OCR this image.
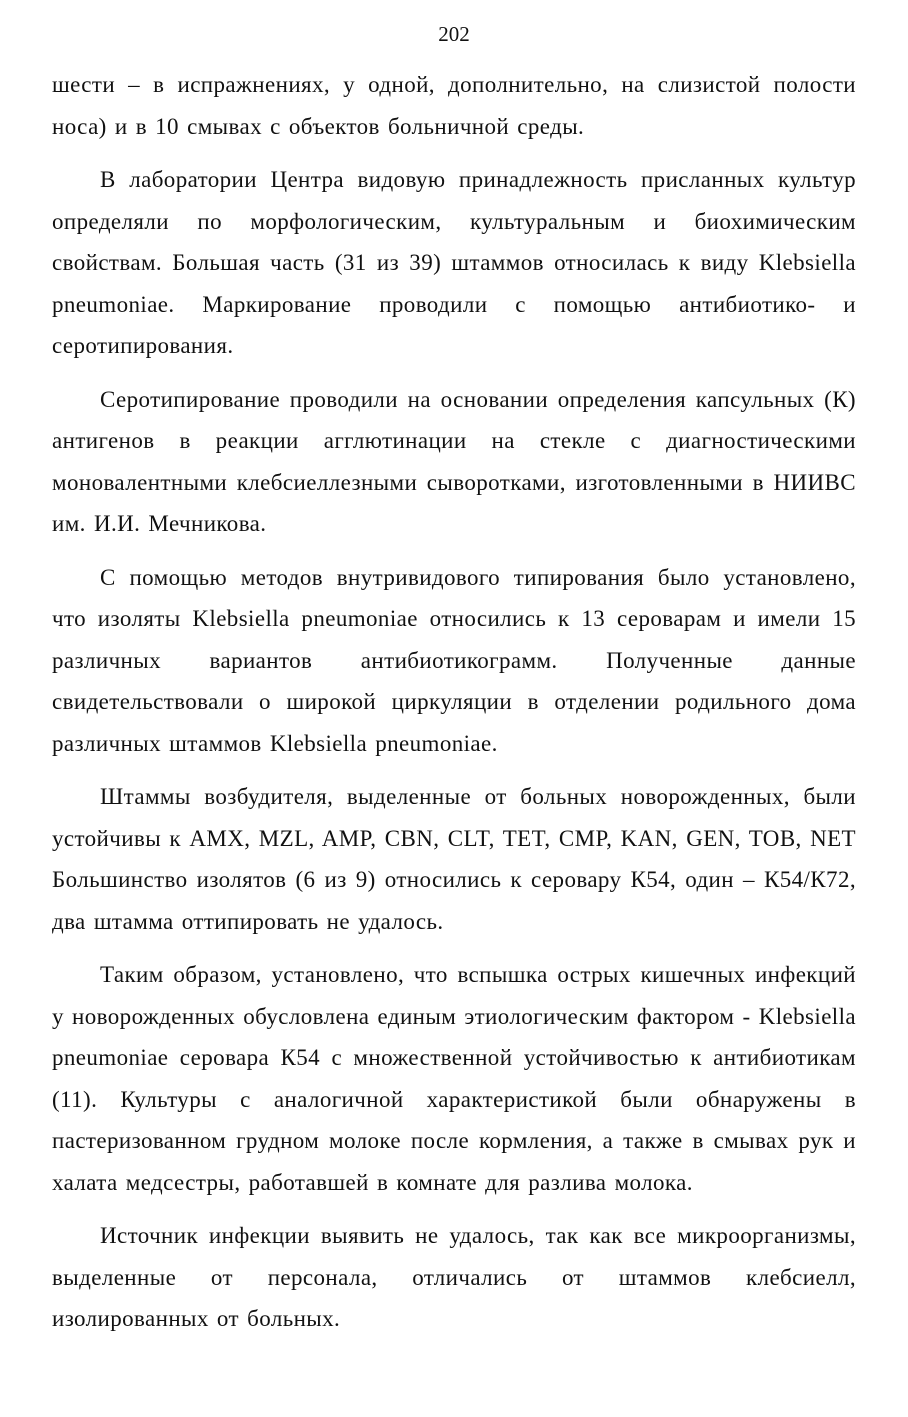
202

шести – в испражнениях, у одной, дополнительно, на слизистой полости носа) и в 10 смывах с объектов больничной среды.

В лаборатории Центра видовую принадлежность присланных культур определяли по морфологическим, культуральным и биохимическим свойствам. Большая часть (31 из 39) штаммов относилась к виду Klebsiella pneumoniae. Маркирование проводили с помощью антибиотико- и серотипирования.

Серотипирование проводили на основании определения капсульных (К) антигенов в реакции агглютинации на стекле с диагностическими моновалентными клебсиеллезными сыворотками, изготовленными в НИИВС им. И.И. Мечникова.

С помощью методов внутривидового типирования было установлено, что изоляты Klebsiella pneumoniae относились к 13 сероварам и имели 15 различных вариантов антибиотикограмм. Полученные данные свидетельствовали о широкой циркуляции в отделении родильного дома различных штаммов Klebsiella pneumoniae.

Штаммы возбудителя, выделенные от больных новорожденных, были устойчивы к AMX, MZL, AMP, CBN, CLT, TET, CMP, KAN, GEN, TOB, NET Большинство изолятов (6 из 9) относились к серовару К54, один – К54/К72, два штамма оттипировать не удалось.

Таким образом, установлено, что вспышка острых кишечных инфекций у новорожденных обусловлена единым этиологическим фактором - Klebsiella pneumoniae серовара К54 с множественной устойчивостью к антибиотикам (11). Культуры с аналогичной характеристикой были обнаружены в пастеризованном грудном молоке после кормления, а также в смывах рук и халата медсестры, работавшей в комнате для разлива молока.

Источник инфекции выявить не удалось, так как все микроорганизмы, выделенные от персонала, отличались от штаммов клебсиелл, изолированных от больных.
